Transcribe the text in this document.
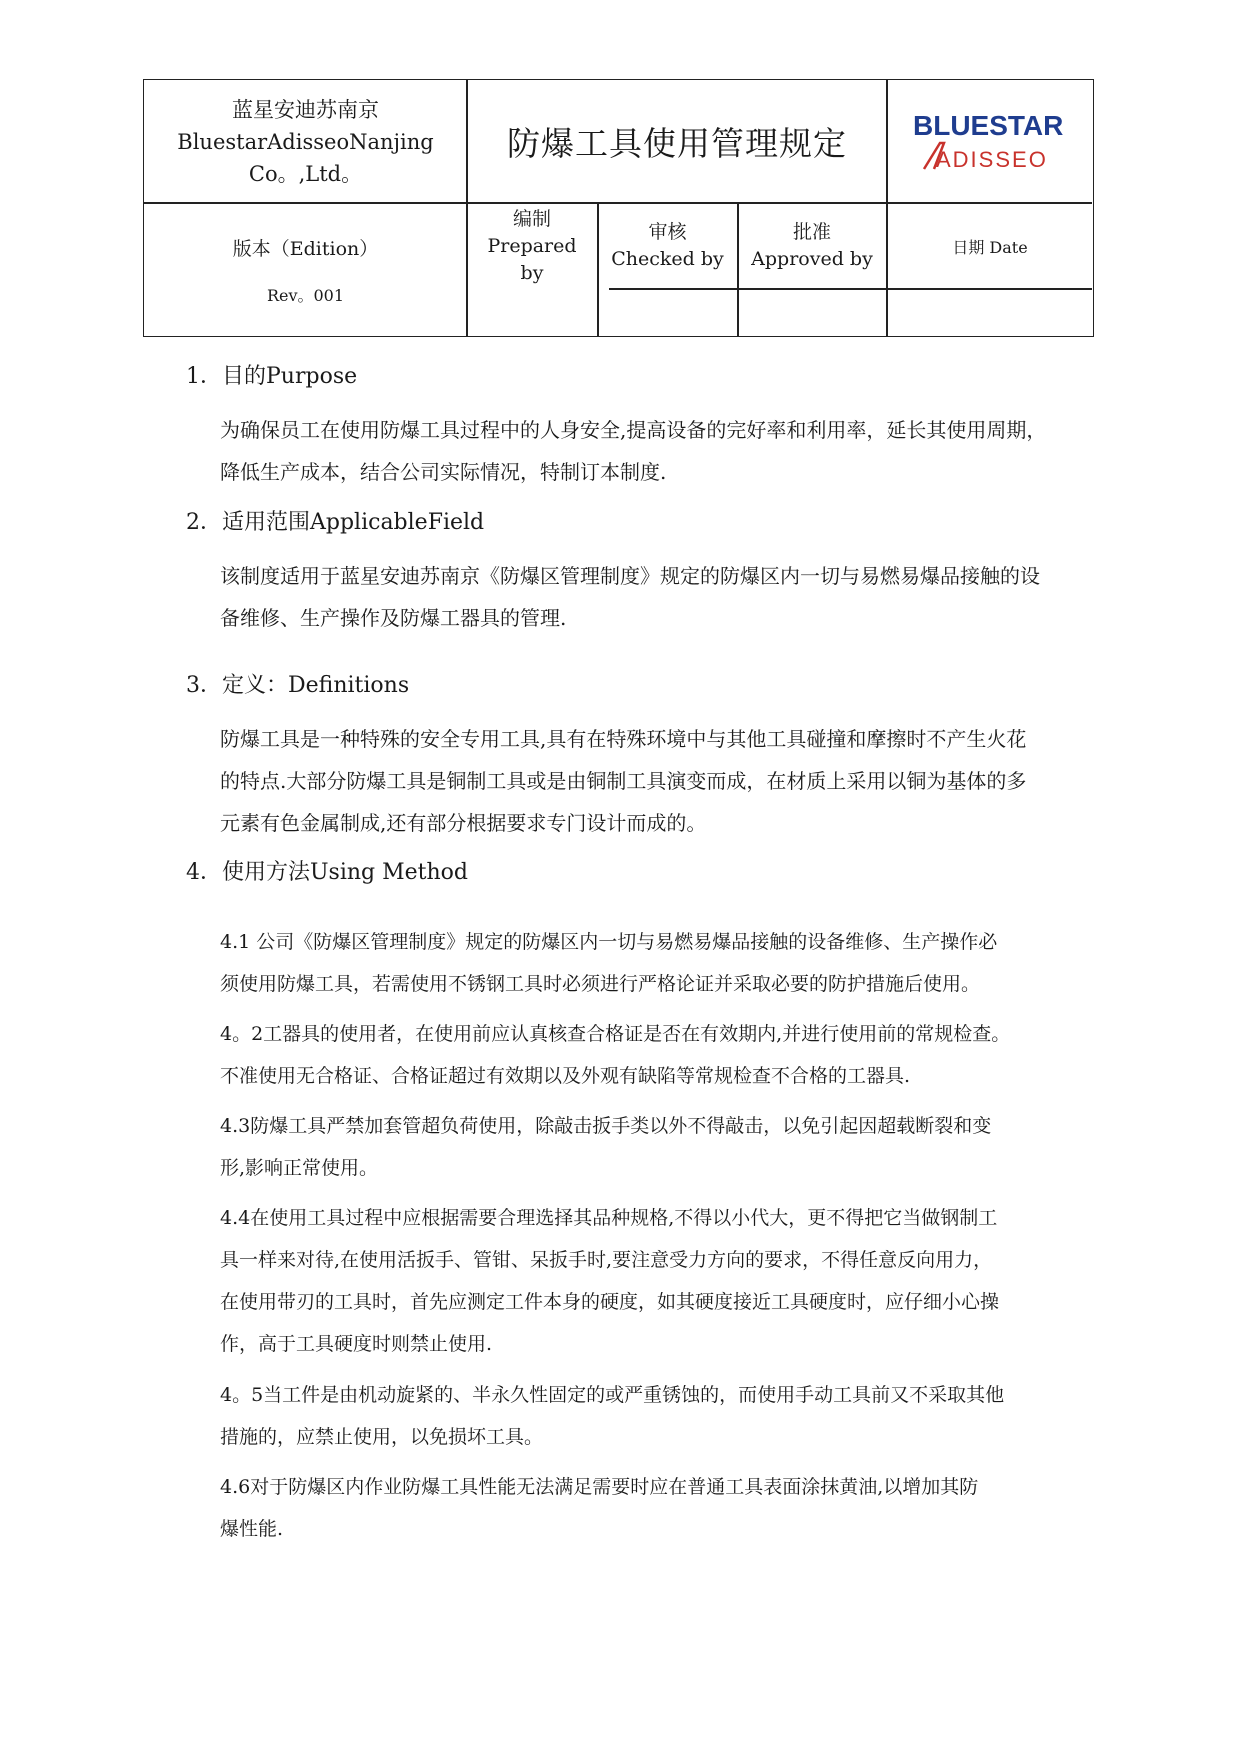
蓝星安迪苏南京
BluestarAdisseoNanjing
Co。,Ltd。
防爆工具使用管理规定	BLUESTAR
ADISSEO
版本（Edition）
Rev。001
编制
Prepared
by
审核
Checked by
批准
Approved by
日期 Date
1．目的Purpose

为确保员工在使用防爆工具过程中的人身安全,提高设备的完好率和利用率，延长其使用周期，

降低生产成本，结合公司实际情况，特制订本制度.

2．适用范围ApplicableField

该制度适用于蓝星安迪苏南京《防爆区管理制度》规定的防爆区内一切与易燃易爆品接触的设

备维修、生产操作及防爆工器具的管理.

3．定义：Definitions

防爆工具是一种特殊的安全专用工具,具有在特殊环境中与其他工具碰撞和摩擦时不产生火花

的特点.大部分防爆工具是铜制工具或是由铜制工具演变而成，在材质上采用以铜为基体的多

元素有色金属制成,还有部分根据要求专门设计而成的。

4．使用方法Using Method

4.1 公司《防爆区管理制度》规定的防爆区内一切与易燃易爆品接触的设备维修、生产操作必

须使用防爆工具，若需使用不锈钢工具时必须进行严格论证并采取必要的防护措施后使用。

4。2工器具的使用者，在使用前应认真核查合格证是否在有效期内,并进行使用前的常规检查。

不准使用无合格证、合格证超过有效期以及外观有缺陷等常规检查不合格的工器具.

4.3防爆工具严禁加套管超负荷使用，除敲击扳手类以外不得敲击，以免引起因超载断裂和变

形,影响正常使用。

4.4在使用工具过程中应根据需要合理选择其品种规格,不得以小代大，更不得把它当做钢制工

具一样来对待,在使用活扳手、管钳、呆扳手时,要注意受力方向的要求，不得任意反向用力，

在使用带刃的工具时，首先应测定工件本身的硬度，如其硬度接近工具硬度时，应仔细小心操

作，高于工具硬度时则禁止使用.

4。5当工件是由机动旋紧的、半永久性固定的或严重锈蚀的，而使用手动工具前又不采取其他

措施的，应禁止使用，以免损坏工具。

4.6对于防爆区内作业防爆工具性能无法满足需要时应在普通工具表面涂抹黄油,以增加其防

爆性能.
